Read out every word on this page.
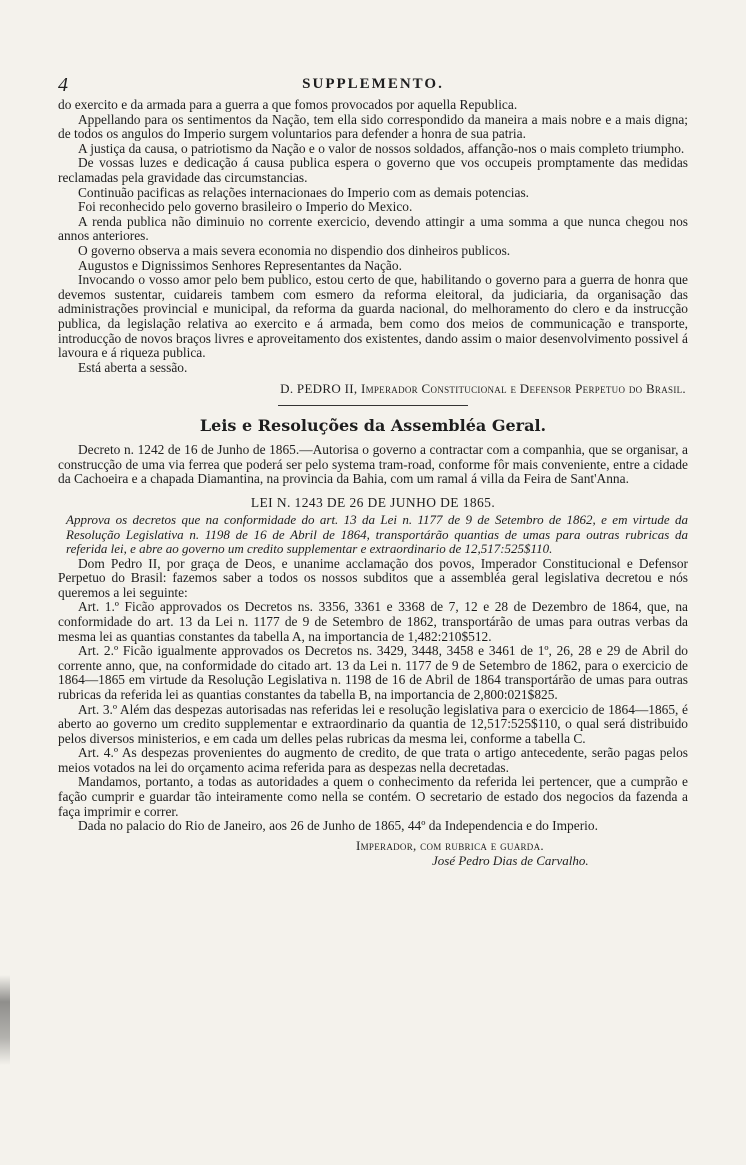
4	SUPPLEMENTO.

do exercito e da armada para a guerra a que fomos provocados por aquella Republica.

Appellando para os sentimentos da Nação, tem ella sido correspondido da maneira a mais nobre e a mais digna; de todos os angulos do Imperio surgem voluntarios para defender a honra de sua patria.

A justiça da causa, o patriotismo da Nação e o valor de nossos soldados, affanção-nos o mais completo triumpho.

De vossas luzes e dedicação á causa publica espera o governo que vos occupeis promptamente das medidas reclamadas pela gravidade das circumstancias.

Continuão pacificas as relações internacionaes do Imperio com as demais potencias.

Foi reconhecido pelo governo brasileiro o Imperio do Mexico.

A renda publica não diminuio no corrente exercicio, devendo attingir a uma somma a que nunca chegou nos annos anteriores.

O governo observa a mais severa economia no dispendio dos dinheiros publicos.

Augustos e Dignissimos Senhores Representantes da Nação.

Invocando o vosso amor pelo bem publico, estou certo de que, habilitando o governo para a guerra de honra que devemos sustentar, cuidareis tambem com esmero da reforma eleitoral, da judiciaria, da organisação das administrações provincial e municipal, da reforma da guarda nacional, do melhoramento do clero e da instrucção publica, da legislação relativa ao exercito e á armada, bem como dos meios de communicação e transporte, introducção de novos braços livres e aproveitamento dos existentes, dando assim o maior desenvolvimento possivel á lavoura e á riqueza publica.

Está aberta a sessão.

D. PEDRO II, Imperador Constitucional e Defensor Perpetuo do Brasil.
Leis e Resoluções da Assembléa Geral.

Decreto n. 1242 de 16 de Junho de 1865.—Autorisa o governo a contractar com a companhia, que se organisar, a construcção de uma via ferrea que poderá ser pelo systema tram-road, conforme fôr mais conveniente, entre a cidade da Cachoeira e a chapada Diamantina, na provincia da Bahia, com um ramal á villa da Feira de Sant'Anna.

LEI N. 1243 DE 26 DE JUNHO DE 1865.

Approva os decretos que na conformidade do art. 13 da Lei n. 1177 de 9 de Setembro de 1862, e em virtude da Resolução Legislativa n. 1198 de 16 de Abril de 1864, transportárão quantias de umas para outras rubricas da referida lei, e abre ao governo um credito supplementar e extraordinario de 12,517:525$110.

Dom Pedro II, por graça de Deos, e unanime acclamação dos povos, Imperador Constitucional e Defensor Perpetuo do Brasil: fazemos saber a todos os nossos subditos que a assembléa geral legislativa decretou e nós queremos a lei seguinte:

Art. 1.º Ficão approvados os Decretos ns. 3356, 3361 e 3368 de 7, 12 e 28 de Dezembro de 1864, que, na conformidade do art. 13 da Lei n. 1177 de 9 de Setembro de 1862, transportárão de umas para outras verbas da mesma lei as quantias constantes da tabella A, na importancia de 1,482:210$512.

Art. 2.º Ficão igualmente approvados os Decretos ns. 3429, 3448, 3458 e 3461 de 1º, 26, 28 e 29 de Abril do corrente anno, que, na conformidade do citado art. 13 da Lei n. 1177 de 9 de Setembro de 1862, para o exercicio de 1864—1865 em virtude da Resolução Legislativa n. 1198 de 16 de Abril de 1864 transportárão de umas para outras rubricas da referida lei as quantias constantes da tabella B, na importancia de 2,800:021$825.

Art. 3.º Além das despezas autorisadas nas referidas lei e resolução legislativa para o exercicio de 1864—1865, é aberto ao governo um credito supplementar e extraordinario da quantia de 12,517:525$110, o qual será distribuido pelos diversos ministerios, e em cada um delles pelas rubricas da mesma lei, conforme a tabella C.

Art. 4.º As despezas provenientes do augmento de credito, de que trata o artigo antecedente, serão pagas pelos meios votados na lei do orçamento acima referida para as despezas nella decretadas.

Mandamos, portanto, a todas as autoridades a quem o conhecimento da referida lei pertencer, que a cumprão e fação cumprir e guardar tão inteiramente como nella se contém. O secretario de estado dos negocios da fazenda a faça imprimir e correr.

Dada no palacio do Rio de Janeiro, aos 26 de Junho de 1865, 44º da Independencia e do Imperio.

Imperador, com rubrica e guarda.
José Pedro Dias de Carvalho.
